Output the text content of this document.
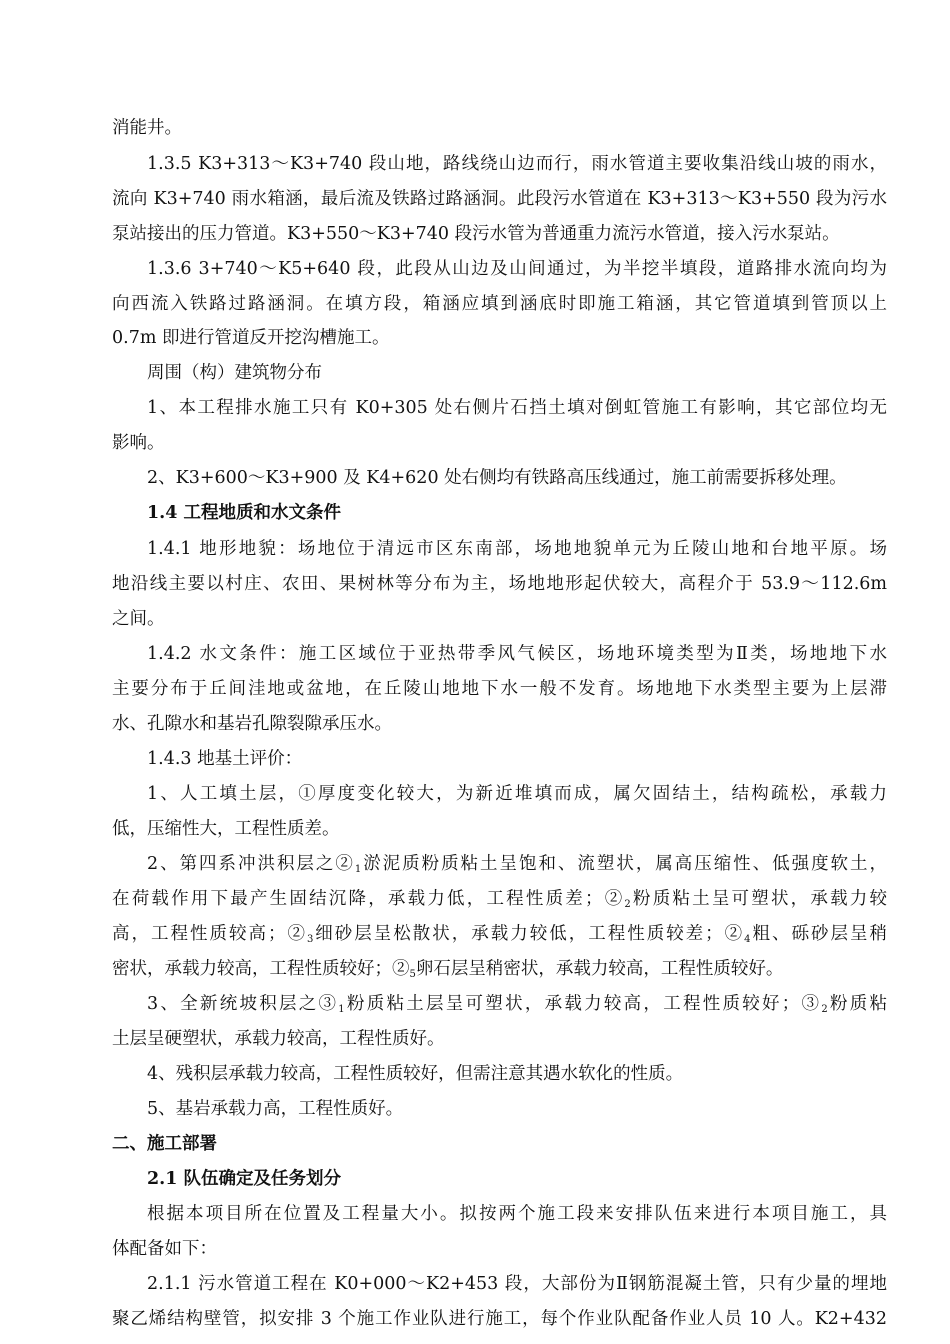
消能井。
1.3.5 K3+313～K3+740 段山地，路线绕山边而行，雨水管道主要收集沿线山坡的雨水，
流向 K3+740 雨水箱涵，最后流及铁路过路涵洞。此段污水管道在 K3+313～K3+550 段为污水
泵站接出的压力管道。K3+550～K3+740 段污水管为普通重力流污水管道，接入污水泵站。
1.3.6 3+740～K5+640 段，此段从山边及山间通过，为半挖半填段，道路排水流向均为
向西流入铁路过路涵洞。在填方段，箱涵应填到涵底时即施工箱涵，其它管道填到管顶以上
0.7m 即进行管道反开挖沟槽施工。
周围（构）建筑物分布
1、本工程排水施工只有 K0+305 处右侧片石挡土填对倒虹管施工有影响，其它部位均无
影响。
2、K3+600～K3+900 及 K4+620 处右侧均有铁路高压线通过，施工前需要拆移处理。
1.4 工程地质和水文条件
1.4.1 地形地貌：场地位于清远市区东南部，场地地貌单元为丘陵山地和台地平原。场
地沿线主要以村庄、农田、果树林等分布为主，场地地形起伏较大，高程介于 53.9～112.6m
之间。
1.4.2 水文条件：施工区域位于亚热带季风气候区，场地环境类型为Ⅱ类，场地地下水
主要分布于丘间洼地或盆地，在丘陵山地地下水一般不发育。场地地下水类型主要为上层滞
水、孔隙水和基岩孔隙裂隙承压水。
1.4.3 地基土评价：
1、人工填土层，①厚度变化较大，为新近堆填而成，属欠固结土，结构疏松，承载力
低，压缩性大，工程性质差。
2、第四系冲洪积层之$②_1$淤泥质粉质粘土呈饱和、流塑状，属高压缩性、低强度软土，
在荷载作用下最产生固结沉降，承载力低，工程性质差；$②_2$粉质粘土呈可塑状，承载力较
高，工程性质较高；$②_3$细砂层呈松散状，承载力较低，工程性质较差；$②_4$粗、砾砂层呈稍
密状，承载力较高，工程性质较好；$②_5$卵石层呈稍密状，承载力较高，工程性质较好。
3、全新统坡积层之$③_1$粉质粘土层呈可塑状，承载力较高，工程性质较好；$③_2$粉质粘
土层呈硬塑状，承载力较高，工程性质好。
4、残积层承载力较高，工程性质较好，但需注意其遇水软化的性质。
5、基岩承载力高，工程性质好。
二、施工部署
2.1 队伍确定及任务划分
根据本项目所在位置及工程量大小。拟按两个施工段来安排队伍来进行本项目施工，具
体配备如下：
2.1.1 污水管道工程在 K0+000～K2+453 段，大部份为Ⅱ钢筋混凝土管，只有少量的埋地
聚乙烯结构壁管，拟安排 3 个施工作业队进行施工，每个作业队配备作业人员 10 人。K2+432
